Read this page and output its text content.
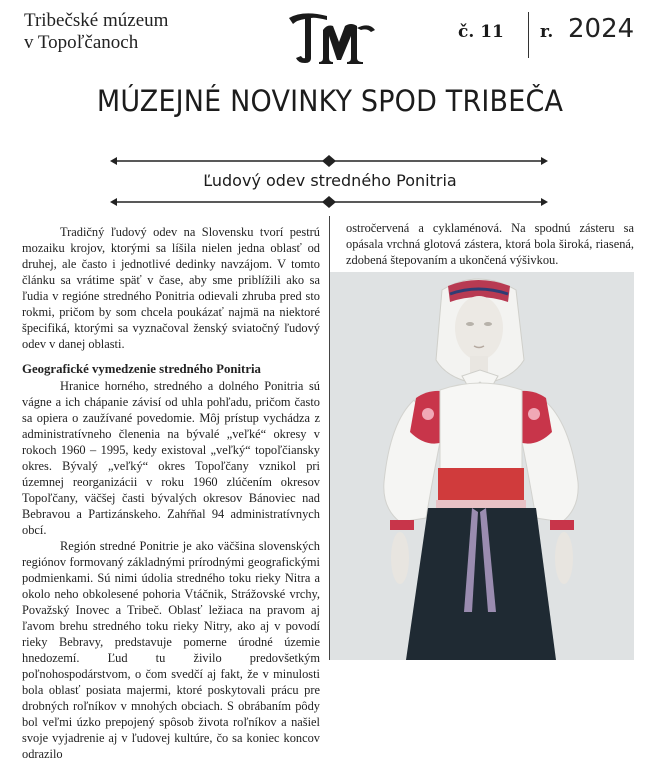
Tribečské múzeum
v Topoľčanoch	č. 11 r. 2024
MÚZEJNÉ NOVINKY SPOD TRIBEČA
Ľudový odev stredného Ponitria

Tradičný ľudový odev na Slovensku tvorí pestrú mozaiku krojov, ktorými sa líšila nielen jedna oblasť od druhej, ale často i jednotlivé dedinky navzájom. V tomto článku sa vrátime späť v čase, aby sme priblížili ako sa ľudia v regióne stredného Ponitria odievali zhruba pred sto rokmi, pričom by som chcela poukázať najmä na niektoré špecifiká, ktorými sa vyznačoval ženský sviatočný ľudový odev v danej oblasti.

Geografické vymedzenie stredného Ponitria

Hranice horného, stredného a dolného Ponitria sú vágne a ich chápanie závisí od uhla pohľadu, pričom často sa opiera o zaužívané povedomie. Môj prístup vychádza z administratívneho členenia na bývalé „veľké“ okresy v rokoch 1960 – 1995, kedy existoval „veľký“ topoľčiansky okres. Bývalý „veľký“ okres Topoľčany vznikol pri územnej reorganizácii v roku 1960 zlúčením okresov Topoľčany, väčšej časti bývalých okresov Bánoviec nad Bebravou a Partizánskeho. Zahŕňal 94 administratívnych obcí.

Región stredné Ponitrie je ako väčšina slovenských regiónov formovaný základnými prírodnými geografickými podmienkami. Sú nimi údolia stredného toku rieky Nitra a okolo neho obkolesené pohoria Vtáčnik, Strážovské vrchy, Považský Inovec a Tribeč. Oblasť ležiaca na pravom aj ľavom brehu stredného toku rieky Nitry, ako aj v povodí rieky Bebravy, predstavuje pomerne úrodné územie hnedozemí. Ľud tu živilo predovšetkým poľnohospodárstvom, o čom svedčí aj fakt, že v minulosti bola oblasť posiata majermi, ktoré poskytovali prácu pre drobných roľníkov v mnohých obciach. S obrábaním pôdy bol veľmi úzko prepojený spôsob života roľníkov a našiel svoje vyjadrenie aj v ľudovej kultúre, čo sa koniec koncov odrazilo

ostročervená a cyklaménová. Na spodnú zásteru sa opásala vrchná glotová zástera, ktorá bola široká, riasená, zdobená štepovaním a ukončená výšivkou.
